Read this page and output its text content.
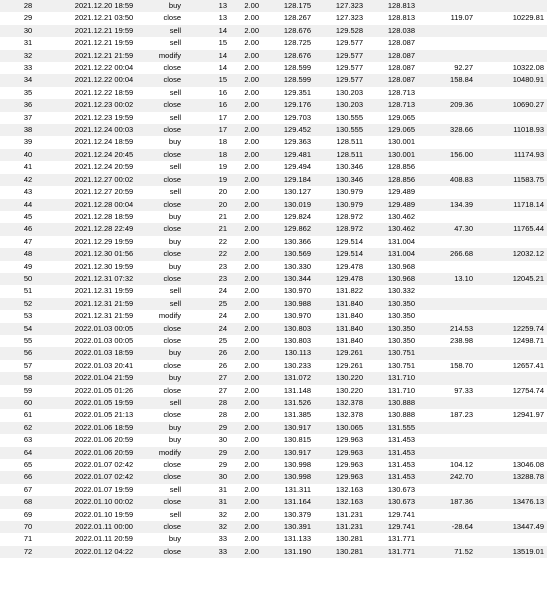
28	2021.12.20 18:59	buy	13	2.00	128.175	127.323	128.813		
29	2021.12.21 03:50	close	13	2.00	128.267	127.323	128.813	119.07	10229.81
30	2021.12.21 19:59	sell	14	2.00	128.676	129.528	128.038		
31	2021.12.21 19:59	sell	15	2.00	128.725	129.577	128.087		
32	2021.12.21 21:59	modify	14	2.00	128.676	129.577	128.087		
33	2021.12.22 00:04	close	14	2.00	128.599	129.577	128.087	92.27	10322.08
34	2021.12.22 00:04	close	15	2.00	128.599	129.577	128.087	158.84	10480.91
35	2021.12.22 18:59	sell	16	2.00	129.351	130.203	128.713		
36	2021.12.23 00:02	close	16	2.00	129.176	130.203	128.713	209.36	10690.27
37	2021.12.23 19:59	sell	17	2.00	129.703	130.555	129.065		
38	2021.12.24 00:03	close	17	2.00	129.452	130.555	129.065	328.66	11018.93
39	2021.12.24 18:59	buy	18	2.00	129.363	128.511	130.001		
40	2021.12.24 20:45	close	18	2.00	129.481	128.511	130.001	156.00	11174.93
41	2021.12.24 20:59	sell	19	2.00	129.494	130.346	128.856		
42	2021.12.27 00:02	close	19	2.00	129.184	130.346	128.856	408.83	11583.75
43	2021.12.27 20:59	sell	20	2.00	130.127	130.979	129.489		
44	2021.12.28 00:04	close	20	2.00	130.019	130.979	129.489	134.39	11718.14
45	2021.12.28 18:59	buy	21	2.00	129.824	128.972	130.462		
46	2021.12.28 22:49	close	21	2.00	129.862	128.972	130.462	47.30	11765.44
47	2021.12.29 19:59	buy	22	2.00	130.366	129.514	131.004		
48	2021.12.30 01:56	close	22	2.00	130.569	129.514	131.004	266.68	12032.12
49	2021.12.30 19:59	buy	23	2.00	130.330	129.478	130.968		
50	2021.12.31 07:32	close	23	2.00	130.344	129.478	130.968	13.10	12045.21
51	2021.12.31 19:59	sell	24	2.00	130.970	131.822	130.332		
52	2021.12.31 21:59	sell	25	2.00	130.988	131.840	130.350		
53	2021.12.31 21:59	modify	24	2.00	130.970	131.840	130.350		
54	2022.01.03 00:05	close	24	2.00	130.803	131.840	130.350	214.53	12259.74
55	2022.01.03 00:05	close	25	2.00	130.803	131.840	130.350	238.98	12498.71
56	2022.01.03 18:59	buy	26	2.00	130.113	129.261	130.751		
57	2022.01.03 20:41	close	26	2.00	130.233	129.261	130.751	158.70	12657.41
58	2022.01.04 21:59	buy	27	2.00	131.072	130.220	131.710		
59	2022.01.05 01:26	close	27	2.00	131.148	130.220	131.710	97.33	12754.74
60	2022.01.05 19:59	sell	28	2.00	131.526	132.378	130.888		
61	2022.01.05 21:13	close	28	2.00	131.385	132.378	130.888	187.23	12941.97
62	2022.01.06 18:59	buy	29	2.00	130.917	130.065	131.555		
63	2022.01.06 20:59	buy	30	2.00	130.815	129.963	131.453		
64	2022.01.06 20:59	modify	29	2.00	130.917	129.963	131.453		
65	2022.01.07 02:42	close	29	2.00	130.998	129.963	131.453	104.12	13046.08
66	2022.01.07 02:42	close	30	2.00	130.998	129.963	131.453	242.70	13288.78
67	2022.01.07 19:59	sell	31	2.00	131.311	132.163	130.673		
68	2022.01.10 00:02	close	31	2.00	131.164	132.163	130.673	187.36	13476.13
69	2022.01.10 19:59	sell	32	2.00	130.379	131.231	129.741		
70	2022.01.11 00:00	close	32	2.00	130.391	131.231	129.741	-28.64	13447.49
71	2022.01.11 20:59	buy	33	2.00	131.133	130.281	131.771		
72	2022.01.12 04:22	close	33	2.00	131.190	130.281	131.771	71.52	13519.01
